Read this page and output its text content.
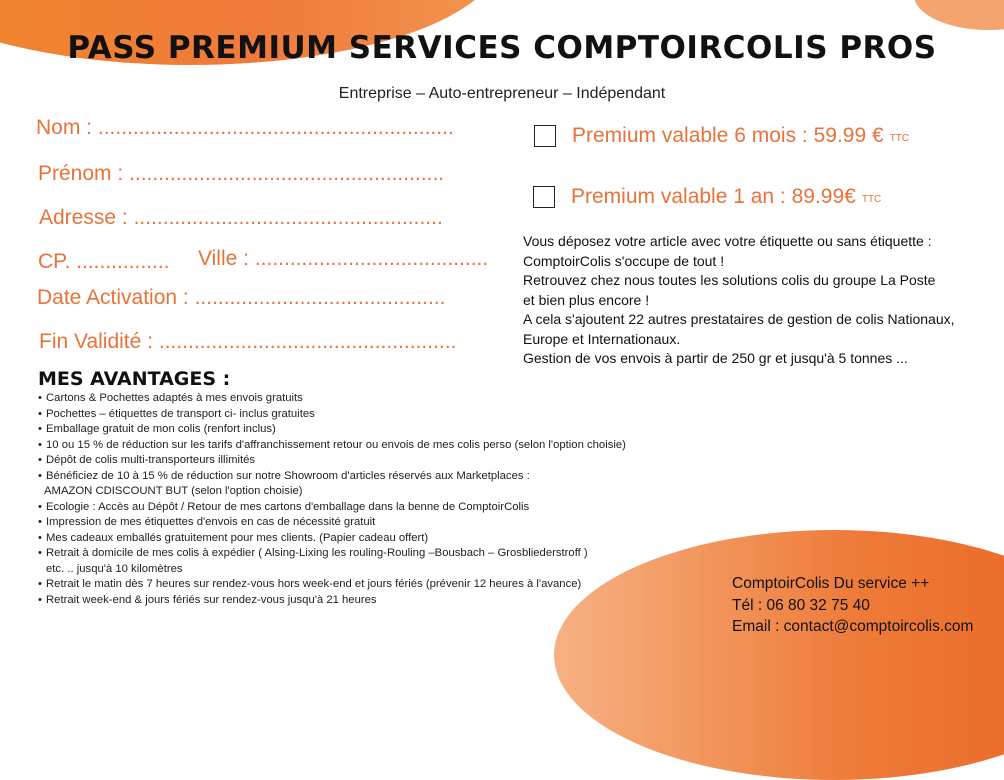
PASS PREMIUM SERVICES COMPTOIRCOLIS PROS
Entreprise – Auto-entrepreneur – Indépendant
Nom : .............................................................
Prénom : ......................................................
Adresse : .....................................................
CP. ................ Ville : ........................................
Date Activation : ...........................................
Fin Validité : ...................................................
Premium valable 6 mois : 59.99 € TTC
Premium valable 1 an : 89.99€ TTC
Vous déposez votre article avec votre étiquette ou sans étiquette :
ComptoirColis s'occupe de tout !
Retrouvez chez nous toutes les solutions colis du groupe La Poste
et bien plus encore !
A cela s'ajoutent 22 autres prestataires de gestion de colis Nationaux,
Europe et Internationaux.
Gestion de vos envois à partir de 250 gr et jusqu'à 5 tonnes ...
MES AVANTAGES :
• Cartons & Pochettes adaptés à mes envois gratuits
• Pochettes – étiquettes de transport ci- inclus gratuites
• Emballage gratuit de mon colis (renfort inclus)
• 10 ou 15 % de réduction sur les tarifs d'affranchissement retour ou envois de mes colis perso (selon l'option choisie)
• Dépôt de colis multi-transporteurs illimités
• Bénéficiez de 10 à 15 % de réduction sur notre Showroom d'articles réservés aux Marketplaces :
AMAZON CDISCOUNT BUT (selon l'option choisie)
• Ecologie : Accès au Dépôt / Retour de mes cartons d'emballage dans la benne de ComptoirColis
• Impression de mes étiquettes d'envois en cas de nécessité gratuit
• Mes cadeaux emballés gratuitement pour mes clients. (Papier cadeau offert)
• Retrait à domicile de mes colis à expédier ( Alsing-Lixing les rouling-Rouling –Bousbach – Grosbliederstroff )
etc. .. jusqu'à 10 kilomètres
• Retrait le matin dès 7 heures sur rendez-vous hors week-end et jours fériés (prévenir 12 heures à l'avance)
• Retrait week-end & jours fériés sur rendez-vous jusqu'à 21 heures
ComptoirColis Du service ++
Tél : 06 80 32 75 40
Email : contact@comptoircolis.com
